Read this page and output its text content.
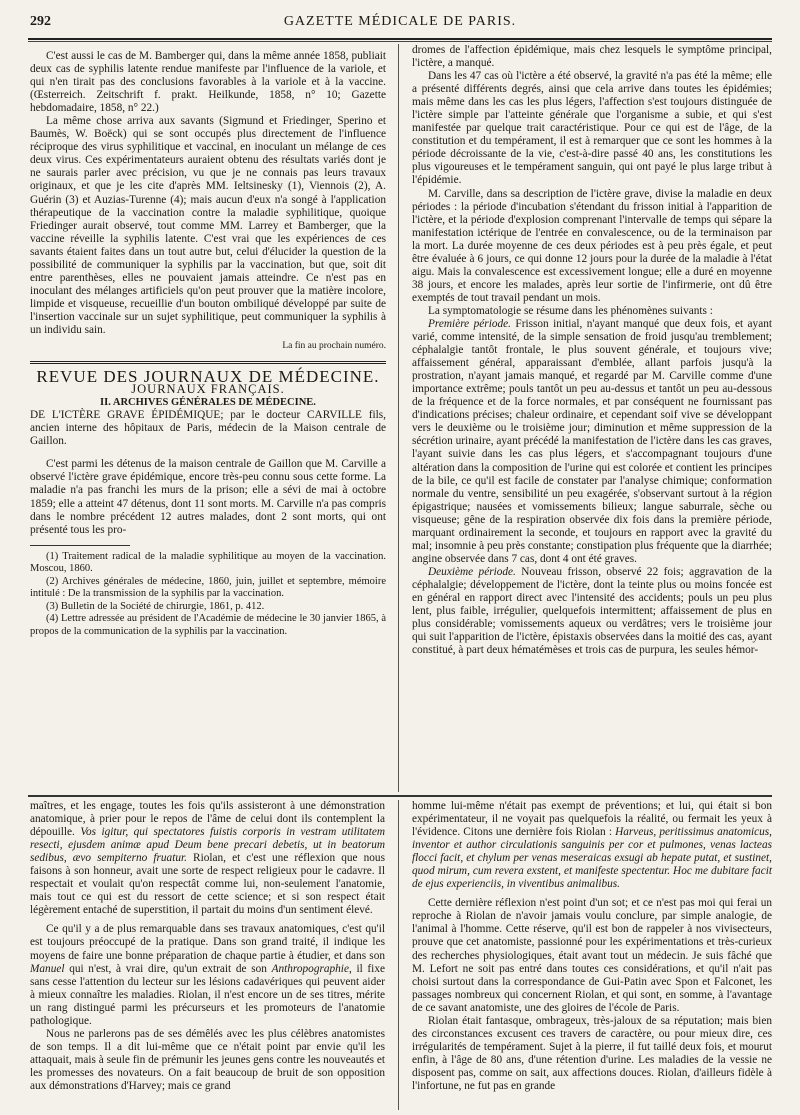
292	GAZETTE MÉDICALE DE PARIS.

C'est aussi le cas de M. Bamberger qui, dans la même année 1858, publiait deux cas de syphilis latente rendue manifeste par l'influence de la variole, et qui n'en tirait pas des conclusions favorables à la variole et à la vaccine. (Œsterreich. Zeitschrift f. prakt. Heilkunde, 1858, n° 10; Gazette hebdomadaire, 1858, n° 22.)

La même chose arriva aux savants (Sigmund et Friedinger, Sperino et Baumès, W. Boëck) qui se sont occupés plus directement de l'influence réciproque des virus syphilitique et vaccinal, en inoculant un mélange de ces deux virus. Ces expérimentateurs auraient obtenu des résultats variés dont je ne saurais parler avec précision, vu que je ne connais pas leurs travaux originaux, et que je les cite d'après MM. Ieltsinesky (1), Viennois (2), A. Guérin (3) et Auzias-Turenne (4); mais aucun d'eux n'a songé à l'application thérapeutique de la vaccination contre la maladie syphilitique, quoique Friedinger aurait observé, tout comme MM. Larrey et Bamberger, que la vaccine réveille la syphilis latente. C'est vrai que les expériences de ces savants étaient faites dans un tout autre but, celui d'élucider la question de la possibilité de communiquer la syphilis par la vaccination, but que, soit dit entre parenthèses, elles ne pouvaient jamais atteindre. Ce n'est pas en inoculant des mélanges artificiels qu'on peut prouver que la matière incolore, limpide et visqueuse, recueillie d'un bouton ombiliqué développé par suite de l'insertion vaccinale sur un sujet syphilitique, peut communiquer la syphilis à un individu sain.

La fin au prochain numéro.

REVUE DES JOURNAUX DE MÉDECINE.

JOURNAUX FRANÇAIS.

II. ARCHIVES GÉNÉRALES DE MÉDECINE.

DE L'ICTÈRE GRAVE ÉPIDÉMIQUE; par le docteur CARVILLE fils, ancien interne des hôpitaux de Paris, médecin de la Maison centrale de Gaillon.

C'est parmi les détenus de la maison centrale de Gaillon que M. Carville a observé l'ictère grave épidémique, encore très-peu connu sous cette forme. La maladie n'a pas franchi les murs de la prison; elle a sévi de mai à octobre 1859; elle a atteint 47 détenus, dont 11 sont morts. M. Carville n'a pas compris dans le nombre précédent 12 autres malades, dont 2 sont morts, qui ont présenté tous les pro-

(1) Traitement radical de la maladie syphilitique au moyen de la vaccination. Moscou, 1860.

(2) Archives générales de médecine, 1860, juin, juillet et septembre, mémoire intitulé : De la transmission de la syphilis par la vaccination.

(3) Bulletin de la Société de chirurgie, 1861, p. 412.

(4) Lettre adressée au président de l'Académie de médecine le 30 janvier 1865, à propos de la communication de la syphilis par la vaccination.

dromes de l'affection épidémique, mais chez lesquels le symptôme principal, l'ictère, a manqué.

Dans les 47 cas où l'ictère a été observé, la gravité n'a pas été la même; elle a présenté différents degrés, ainsi que cela arrive dans toutes les épidémies; mais même dans les cas les plus légers, l'affection s'est toujours distinguée de l'ictère simple par l'atteinte générale que l'organisme a subie, et qui s'est manifestée par quelque trait caractéristique. Pour ce qui est de l'âge, de la constitution et du tempérament, il est à remarquer que ce sont les hommes à la période décroissante de la vie, c'est-à-dire passé 40 ans, les constitutions les plus vigoureuses et le tempérament sanguin, qui ont payé le plus large tribut à l'épidémie.

M. Carville, dans sa description de l'ictère grave, divise la maladie en deux périodes : la période d'incubation s'étendant du frisson initial à l'apparition de l'ictère, et la période d'explosion comprenant l'intervalle de temps qui sépare la manifestation ictérique de l'entrée en convalescence, ou de la terminaison par la mort. La durée moyenne de ces deux périodes est à peu près égale, et peut être évaluée à 6 jours, ce qui donne 12 jours pour la durée de la maladie à l'état aigu. Mais la convalescence est excessivement longue; elle a duré en moyenne 38 jours, et encore les malades, après leur sortie de l'infirmerie, ont dû être exemptés de tout travail pendant un mois.

La symptomatologie se résume dans les phénomènes suivants :

Première période. Frisson initial, n'ayant manqué que deux fois, et ayant varié, comme intensité, de la simple sensation de froid jusqu'au tremblement; céphalalgie tantôt frontale, le plus souvent générale, et toujours vive; affaissement général, apparaissant d'emblée, allant parfois jusqu'à la prostration, n'ayant jamais manqué, et regardé par M. Carville comme d'une importance extrême; pouls tantôt un peu au-dessus et tantôt un peu au-dessous de la fréquence et de la force normales, et par conséquent ne fournissant pas d'indications précises; chaleur ordinaire, et cependant soif vive se développant vers le deuxième ou le troisième jour; diminution et même suppression de la sécrétion urinaire, ayant précédé la manifestation de l'ictère dans les cas graves, l'ayant suivie dans les cas plus légers, et s'accompagnant toujours d'une altération dans la composition de l'urine qui est colorée et contient les principes de la bile, ce qu'il est facile de constater par l'analyse chimique; conformation normale du ventre, sensibilité un peu exagérée, s'observant surtout à la région épigastrique; nausées et vomissements bilieux; langue saburrale, sèche ou visqueuse; gêne de la respiration observée dix fois dans la première période, marquant ordinairement la seconde, et toujours en rapport avec la gravité du mal; insomnie à peu près constante; constipation plus fréquente que la diarrhée; angine observée dans 7 cas, dont 4 ont été graves.

Deuxième période. Nouveau frisson, observé 22 fois; aggravation de la céphalalgie; développement de l'ictère, dont la teinte plus ou moins foncée est en général en rapport direct avec l'intensité des accidents; pouls un peu plus lent, plus faible, irrégulier, quelquefois intermittent; affaissement de plus en plus considérable; vomissements aqueux ou verdâtres; vers le troisième jour qui suit l'apparition de l'ictère, épistaxis observées dans la moitié des cas, ayant constitué, à part deux hématémèses et trois cas de purpura, les seules hémor-

maîtres, et les engage, toutes les fois qu'ils assisteront à une démonstration anatomique, à prier pour le repos de l'âme de celui dont ils contemplent la dépouille. Vos igitur, qui spectatores fuistis corporis in vestram utilitatem resecti, ejusdem animæ apud Deum bene precari debetis, ut in beatorum sedibus, ævo sempiterno fruatur. Riolan, et c'est une réflexion que nous faisons à son honneur, avait une sorte de respect religieux pour le cadavre. Il respectait et voulait qu'on respectât comme lui, non-seulement l'anatomie, mais tout ce qui est du ressort de cette science; et si son respect était légèrement entaché de superstition, il partait du moins d'un sentiment élevé.

Ce qu'il y a de plus remarquable dans ses travaux anatomiques, c'est qu'il est toujours préoccupé de la pratique. Dans son grand traité, il indique les moyens de faire une bonne préparation de chaque partie à étudier, et dans son Manuel qui n'est, à vrai dire, qu'un extrait de son Anthropographie, il fixe sans cesse l'attention du lecteur sur les lésions cadavériques qui peuvent aider à mieux connaître les maladies. Riolan, il n'est encore un de ses titres, mérite un rang distingué parmi les précurseurs et les promoteurs de l'anatomie pathologique.

Nous ne parlerons pas de ses démêlés avec les plus célèbres anatomistes de son temps. Il a dit lui-même que ce n'était point par envie qu'il les attaquait, mais à seule fin de prémunir les jeunes gens contre les nouveautés et les promesses des novateurs. On a fait beaucoup de bruit de son opposition aux démonstrations d'Harvey; mais ce grand

homme lui-même n'était pas exempt de préventions; et lui, qui était si bon expérimentateur, il ne voyait pas quelquefois la réalité, ou fermait les yeux à l'évidence. Citons une dernière fois Riolan : Harveus, peritissimus anatomicus, inventor et author circulationis sanguinis per cor et pulmones, venas lacteas flocci facit, et chylum per venas meseraicas exsugi ab hepate putat, et sustinet, quod mirum, cum revera exstent, et manifeste spectentur. Hoc me dubitare facit de ejus experienciis, in viventibus animalibus.

Cette dernière réflexion n'est point d'un sot; et ce n'est pas moi qui ferai un reproche à Riolan de n'avoir jamais voulu conclure, par simple analogie, de l'animal à l'homme. Cette réserve, qu'il est bon de rappeler à nos vivisecteurs, prouve que cet anatomiste, passionné pour les expérimentations et très-curieux des recherches physiologiques, était avant tout un médecin. Je suis fâché que M. Lefort ne soit pas entré dans toutes ces considérations, et qu'il n'ait pas choisi surtout dans la correspondance de Gui-Patin avec Spon et Falconet, les passages nombreux qui concernent Riolan, et qui sont, en somme, à l'avantage de ce savant anatomiste, une des gloires de l'école de Paris.

Riolan était fantasque, ombrageux, très-jaloux de sa réputation; mais bien des circonstances excusent ces travers de caractère, ou pour mieux dire, ces irrégularités de tempérament. Sujet à la pierre, il fut taillé deux fois, et mourut enfin, à l'âge de 80 ans, d'une rétention d'urine. Les maladies de la vessie ne disposent pas, comme on sait, aux affections douces. Riolan, d'ailleurs fidèle à l'infortune, ne fut pas en grande
